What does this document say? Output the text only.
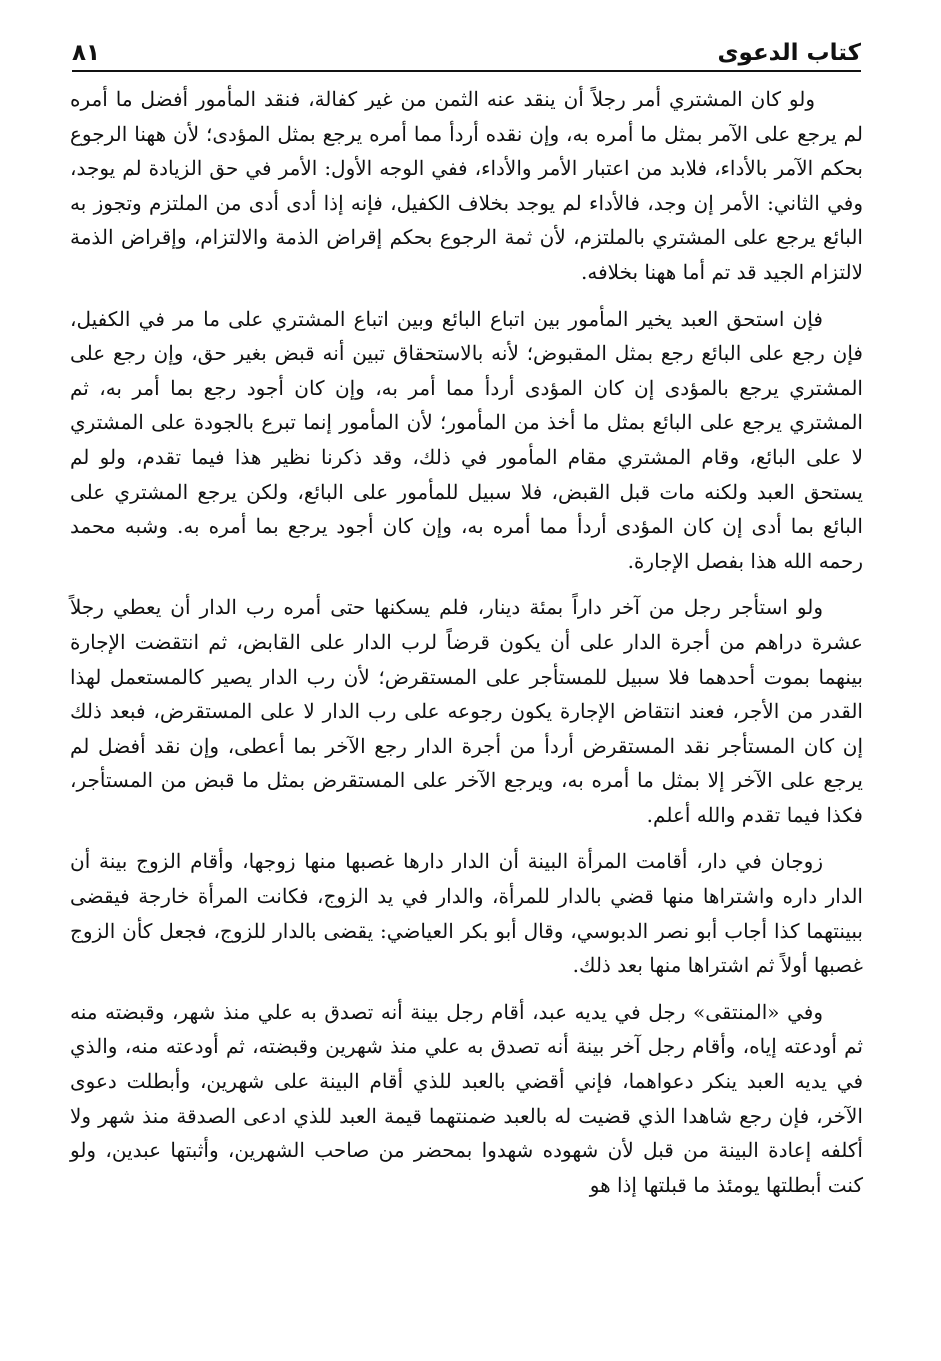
كتاب الدعوى
٨١

ولو كان المشتري أمر رجلاً أن ينقد عنه الثمن من غير كفالة، فنقد المأمور أفضل ما أمره لم يرجع على الآمر بمثل ما أمره به، وإن نقده أردأ مما أمره يرجع بمثل المؤدى؛ لأن ههنا الرجوع بحكم الآمر بالأداء، فلابد من اعتبار الأمر والأداء، ففي الوجه الأول: الأمر في حق الزيادة لم يوجد، وفي الثاني: الأمر إن وجد، فالأداء لم يوجد بخلاف الكفيل، فإنه إذا أدى أدى من الملتزم وتجوز به البائع يرجع على المشتري بالملتزم، لأن ثمة الرجوع بحكم إقراض الذمة والالتزام، وإقراض الذمة لالتزام الجيد قد تم أما ههنا بخلافه.

فإن استحق العبد يخير المأمور بين اتباع البائع وبين اتباع المشتري على ما مر في الكفيل، فإن رجع على البائع رجع بمثل المقبوض؛ لأنه بالاستحقاق تبين أنه قبض بغير حق، وإن رجع على المشتري يرجع بالمؤدى إن كان المؤدى أردأ مما أمر به، وإن كان أجود رجع بما أمر به، ثم المشتري يرجع على البائع بمثل ما أخذ من المأمور؛ لأن المأمور إنما تبرع بالجودة على المشتري لا على البائع، وقام المشتري مقام المأمور في ذلك، وقد ذكرنا نظير هذا فيما تقدم، ولو لم يستحق العبد ولكنه مات قبل القبض، فلا سبيل للمأمور على البائع، ولكن يرجع المشتري على البائع بما أدى إن كان المؤدى أردأ مما أمره به، وإن كان أجود يرجع بما أمره به. وشبه محمد رحمه الله هذا بفصل الإجارة.

ولو استأجر رجل من آخر داراً بمئة دينار، فلم يسكنها حتى أمره رب الدار أن يعطي رجلاً عشرة دراهم من أجرة الدار على أن يكون قرضاً لرب الدار على القابض، ثم انتقضت الإجارة بينهما بموت أحدهما فلا سبيل للمستأجر على المستقرض؛ لأن رب الدار يصير كالمستعمل لهذا القدر من الأجر، فعند انتقاض الإجارة يكون رجوعه على رب الدار لا على المستقرض، فبعد ذلك إن كان المستأجر نقد المستقرض أردأ من أجرة الدار رجع الآخر بما أعطى، وإن نقد أفضل لم يرجع على الآخر إلا بمثل ما أمره به، ويرجع الآخر على المستقرض بمثل ما قبض من المستأجر، فكذا فيما تقدم والله أعلم.

زوجان في دار، أقامت المرأة البينة أن الدار دارها غصبها منها زوجها، وأقام الزوج بينة أن الدار داره واشتراها منها قضي بالدار للمرأة، والدار في يد الزوج، فكانت المرأة خارجة فيقضى ببينتهما كذا أجاب أبو نصر الدبوسي، وقال أبو بكر العياضي: يقضى بالدار للزوج، فجعل كأن الزوج غصبها أولاً ثم اشتراها منها بعد ذلك.

وفي «المنتقى» رجل في يديه عبد، أقام رجل بينة أنه تصدق به علي منذ شهر، وقبضته منه ثم أودعته إياه، وأقام رجل آخر بينة أنه تصدق به علي منذ شهرين وقبضته، ثم أودعته منه، والذي في يديه العبد ينكر دعواهما، فإني أقضي بالعبد للذي أقام البينة على شهرين، وأبطلت دعوى الآخر، فإن رجع شاهدا الذي قضيت له بالعبد ضمنتهما قيمة العبد للذي ادعى الصدقة منذ شهر ولا أكلفه إعادة البينة من قبل لأن شهوده شهدوا بمحضر من صاحب الشهرين، وأثبتها عبدين، ولو كنت أبطلتها يومئذ ما قبلتها إذا هو
